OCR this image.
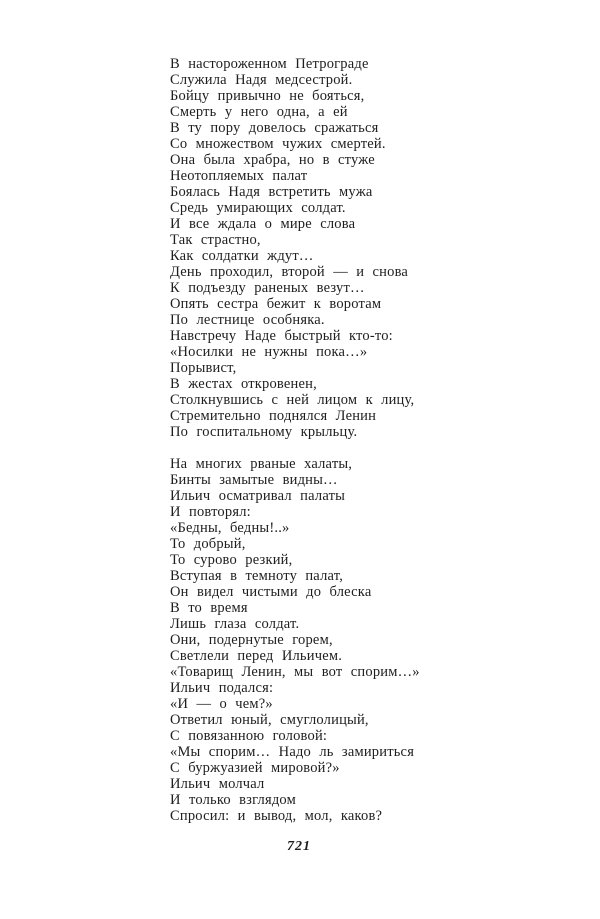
В настороженном Петрограде
Служила Надя медсестрой.
Бойцу привычно не бояться,
Смерть у него одна, а ей
В ту пору довелось сражаться
Со множеством чужих смертей.
Она была храбра, но в стуже
Неотопляемых палат
Боялась Надя встретить мужа
Средь умирающих солдат.
И все ждала о мире слова
Так страстно,
Как солдатки ждут…
День проходил, второй — и снова
К подъезду раненых везут…
Опять сестра бежит к воротам
По лестнице особняка.
Навстречу Наде быстрый кто-то:
«Носилки не нужны пока…»
Порывист,
В жестах откровенен,
Столкнувшись с ней лицом к лицу,
Стремительно поднялся Ленин
По госпитальному крыльцу.
На многих рваные халаты,
Бинты замытые видны…
Ильич осматривал палаты
И повторял:
«Бедны, бедны!..»
То добрый,
То сурово резкий,
Вступая в темноту палат,
Он видел чистыми до блеска
В то время
Лишь глаза солдат.
Они, подернутые горем,
Светлели перед Ильичем.
«Товарищ Ленин, мы вот спорим…»
Ильич подался:
«И — о чем?»
Ответил юный, смуглолицый,
С повязанною головой:
«Мы спорим… Надо ль замириться
С буржуазией мировой?»
Ильич молчал
И только взглядом
Спросил: и вывод, мол, каков?
721
